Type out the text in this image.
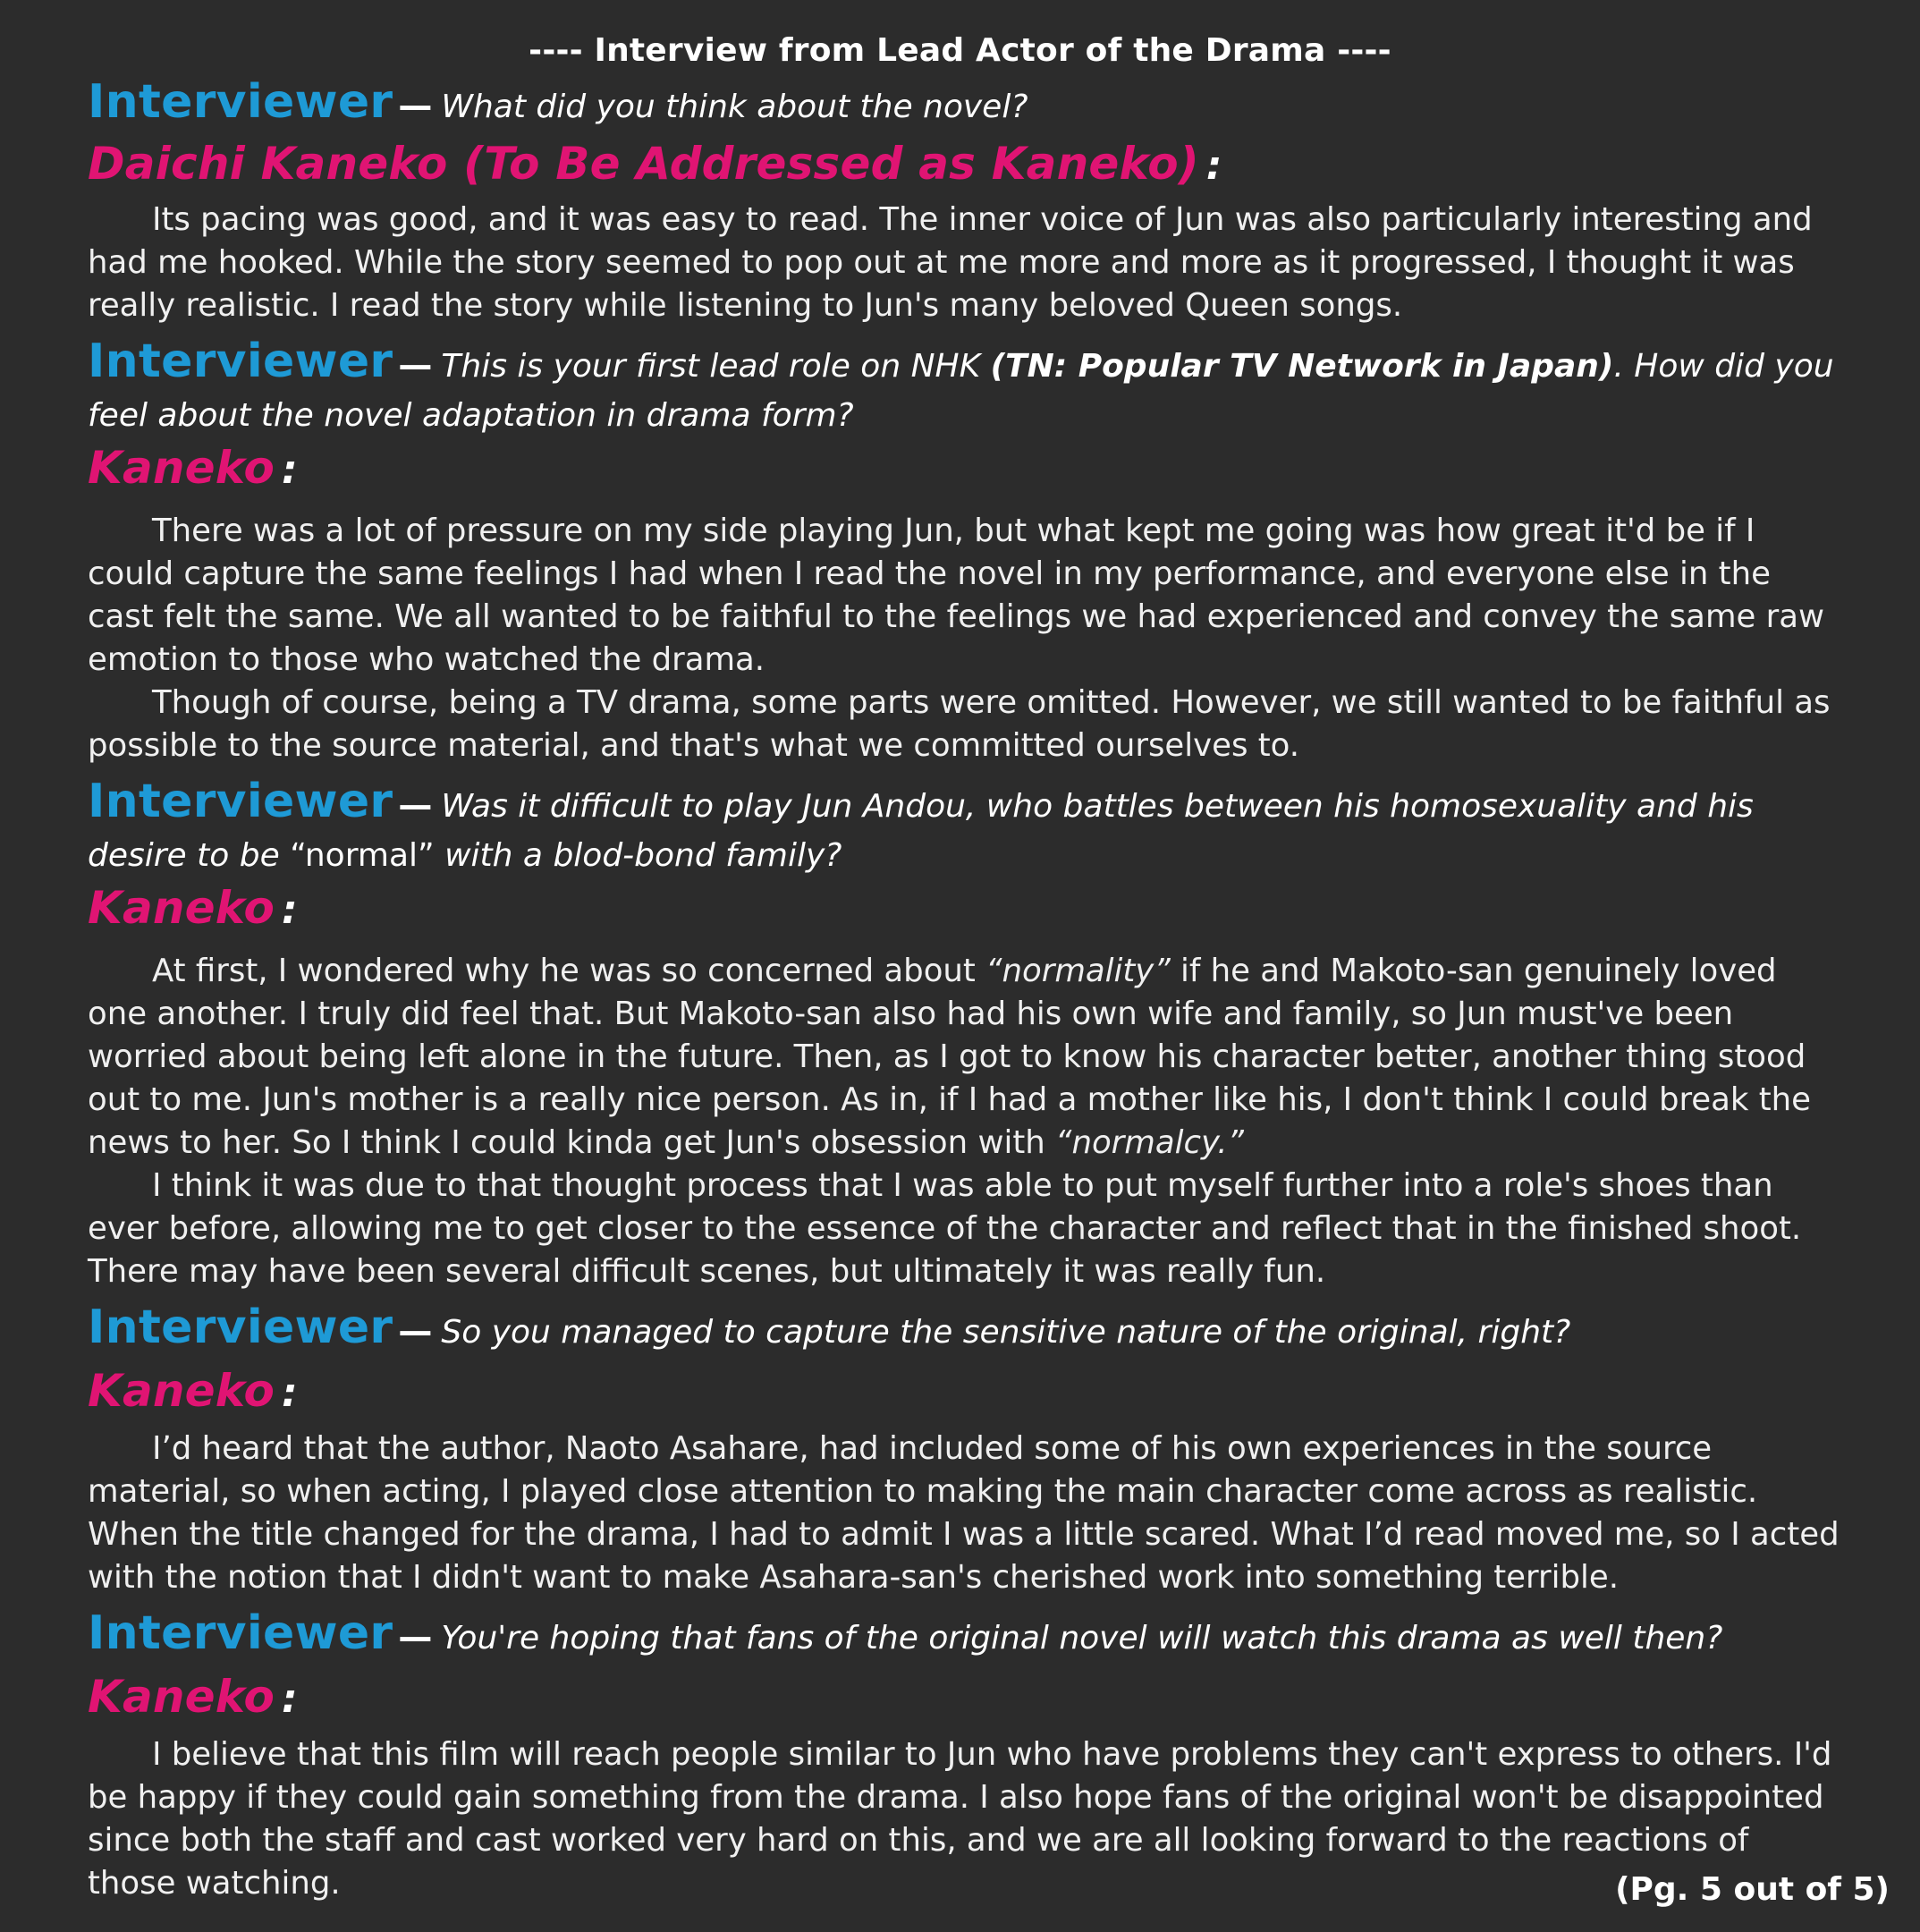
---- Interview from Lead Actor of the Drama ----
Interviewer — What did you think about the novel?
Daichi Kaneko (To Be Addressed as Kaneko) :

Its pacing was good, and it was easy to read. The inner voice of Jun was also particularly interesting and had me hooked. While the story seemed to pop out at me more and more as it progressed, I thought it was really realistic. I read the story while listening to Jun's many beloved Queen songs.

Interviewer — This is your first lead role on NHK (TN: Popular TV Network in Japan). How did you
feel about the novel adaptation in drama form?
Kaneko :

There was a lot of pressure on my side playing Jun, but what kept me going was how great it'd be if I could capture the same feelings I had when I read the novel in my performance, and everyone else in the cast felt the same. We all wanted to be faithful to the feelings we had experienced and convey the same raw emotion to those who watched the drama.

Though of course, being a TV drama, some parts were omitted. However, we still wanted to be faithful as possible to the source material, and that's what we committed ourselves to.

Interviewer — Was it difficult to play Jun Andou, who battles between his homosexuality and his
desire to be “normal” with a blod-bond family?
Kaneko :

At first, I wondered why he was so concerned about “normality” if he and Makoto-san genuinely loved one another. I truly did feel that. But Makoto-san also had his own wife and family, so Jun must've been worried about being left alone in the future. Then, as I got to know his character better, another thing stood out to me. Jun's mother is a really nice person. As in, if I had a mother like his, I don't think I could break the news to her. So I think I could kinda get Jun's obsession with “normalcy.”

I think it was due to that thought process that I was able to put myself further into a role's shoes than ever before, allowing me to get closer to the essence of the character and reflect that in the finished shoot. There may have been several difficult scenes, but ultimately it was really fun.

Interviewer — So you managed to capture the sensitive nature of the original, right?
Kaneko :

I’d heard that the author, Naoto Asahare, had included some of his own experiences in the source material, so when acting, I played close attention to making the main character come across as realistic. When the title changed for the drama, I had to admit I was a little scared. What I’d read moved me, so I acted with the notion that I didn't want to make Asahara-san's cherished work into something terrible.

Interviewer — You're hoping that fans of the original novel will watch this drama as well then?
Kaneko :

I believe that this film will reach people similar to Jun who have problems they can't express to others. I'd be happy if they could gain something from the drama. I also hope fans of the original won't be disappointed since both the staff and cast worked very hard on this, and we are all looking forward to the reactions of those watching.	(Pg. 5 out of 5)
